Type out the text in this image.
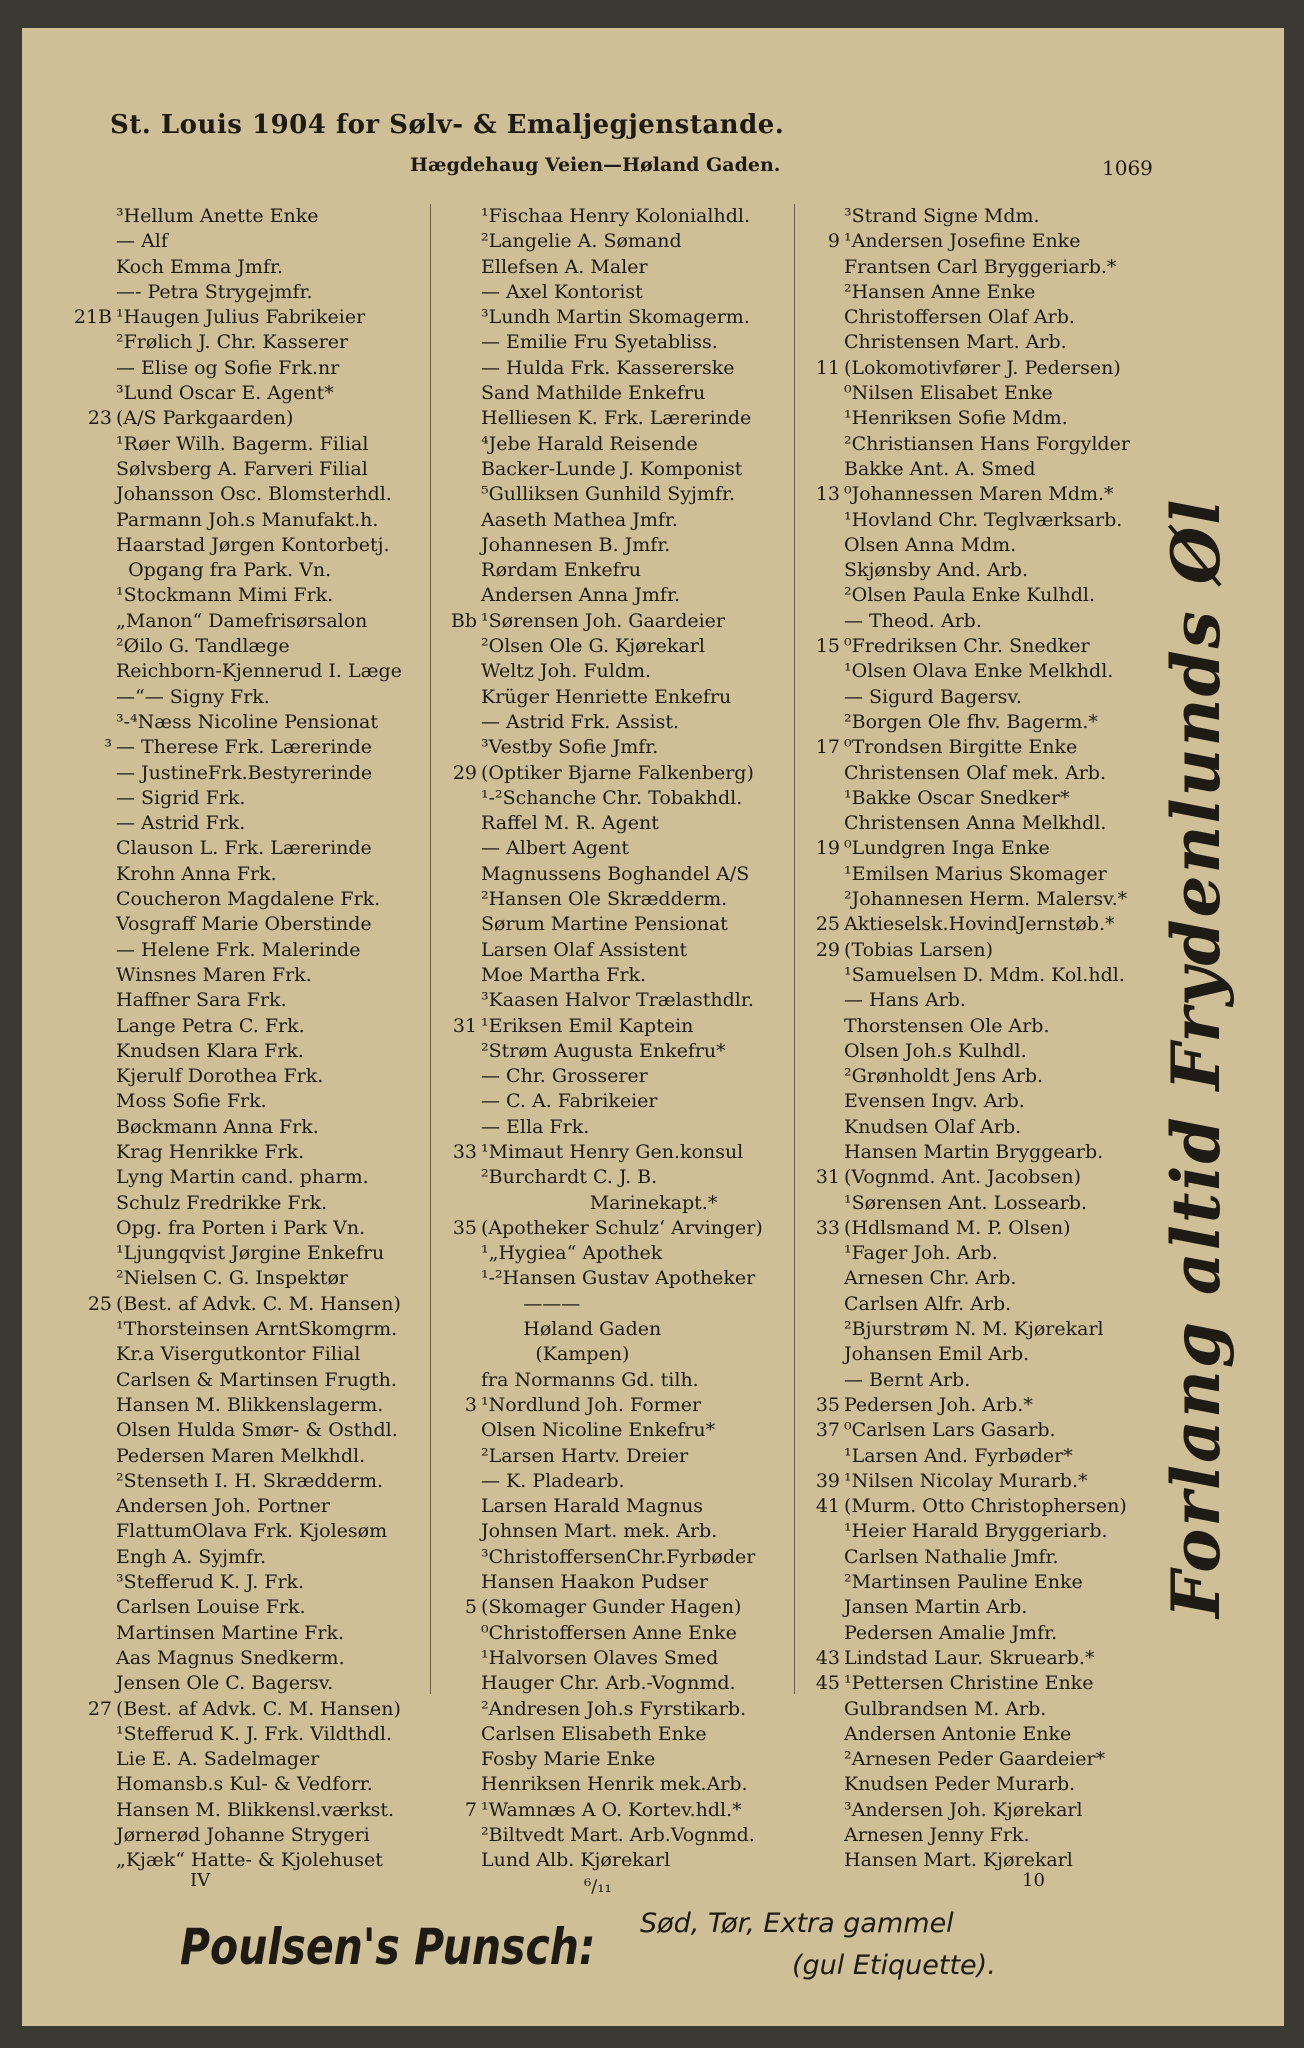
St. Louis 1904 for Sølv- & Emaljegjenstande.
Hægdehaug Veien—Høland Gaden.	1069
³Hellum Anette Enke
— Alf
Koch Emma Jmfr.
—- Petra Strygejmfr.
21B ¹Haugen Julius Fabrikeier
²Frølich J. Chr. Kasserer
— Elise og Sofie Frk.nr
³Lund Oscar E. Agent*
23 (A/S Parkgaarden)
¹Røer Wilh. Bagerm. Filial
Sølvsberg A. Farveri Filial
Johansson Osc. Blomsterhdl.
Parmann Joh.s Manufakt.h.
Haarstad Jørgen Kontorbetj.
Opgang fra Park. Vn.
¹Stockmann Mimi Frk.
„Manon“ Damefrisørsalon
²Øilo G. Tandlæge
Reichborn-Kjennerud I. Læge
—“— Signy Frk.
³-⁴Næss Nicoline Pensionat
³ — Therese Frk. Lærerinde
— JustineFrk.Bestyrerinde
— Sigrid Frk.
— Astrid Frk.
Clauson L. Frk. Lærerinde
Krohn Anna Frk.
Coucheron Magdalene Frk.
Vosgraff Marie Oberstinde
— Helene Frk. Malerinde
Winsnes Maren Frk.
Haffner Sara Frk.
Lange Petra C. Frk.
Knudsen Klara Frk.
Kjerulf Dorothea Frk.
Moss Sofie Frk.
Bøckmann Anna Frk.
Krag Henrikke Frk.
Lyng Martin cand. pharm.
Schulz Fredrikke Frk.
Opg. fra Porten i Park Vn.
¹Ljungqvist Jørgine Enkefru
²Nielsen C. G. Inspektør
25 (Best. af Advk. C. M. Hansen)
¹Thorsteinsen ArntSkomgrm.
Kr.a Visergutkontor Filial
Carlsen & Martinsen Frugth.
Hansen M. Blikkenslagerm.
Olsen Hulda Smør- & Osthdl.
Pedersen Maren Melkhdl.
²Stenseth I. H. Skrædderm.
Andersen Joh. Portner
FlattumOlava Frk. Kjolesøm
Engh A. Syjmfr.
³Stefferud K. J. Frk.
Carlsen Louise Frk.
Martinsen Martine Frk.
Aas Magnus Snedkerm.
Jensen Ole C. Bagersv.
27 (Best. af Advk. C. M. Hansen)
¹Stefferud K. J. Frk. Vildthdl.
Lie E. A. Sadelmager
Homansb.s Kul- & Vedforr.
Hansen M. Blikkensl.værkst.
Jørnerød Johanne Strygeri
„Kjæk“ Hatte- & Kjolehuset
¹Fischaa Henry Kolonialhdl.
²Langelie A. Sømand
Ellefsen A. Maler
— Axel Kontorist
³Lundh Martin Skomagerm.
— Emilie Fru Syetabliss.
— Hulda Frk. Kassererske
Sand Mathilde Enkefru
Helliesen K. Frk. Lærerinde
⁴Jebe Harald Reisende
Backer-Lunde J. Komponist
⁵Gulliksen Gunhild Syjmfr.
Aaseth Mathea Jmfr.
Johannesen B. Jmfr.
Rørdam Enkefru
Andersen Anna Jmfr.
Bb ¹Sørensen Joh. Gaardeier
²Olsen Ole G. Kjørekarl
Weltz Joh. Fuldm.
Krüger Henriette Enkefru
— Astrid Frk. Assist.
³Vestby Sofie Jmfr.
29 (Optiker Bjarne Falkenberg)
¹-²Schanche Chr. Tobakhdl.
Raffel M. R. Agent
— Albert Agent
Magnussens Boghandel A/S
²Hansen Ole Skrædderm.
Sørum Martine Pensionat
Larsen Olaf Assistent
Moe Martha Frk.
³Kaasen Halvor Trælasthdlr.
31 ¹Eriksen Emil Kaptein
²Strøm Augusta Enkefru*
— Chr. Grosserer
— C. A. Fabrikeier
— Ella Frk.
33 ¹Mimaut Henry Gen.konsul
²Burchardt C. J. B.
Marinekapt.*
35 (Apotheker Schulz‘ Arvinger)
¹„Hygiea“ Apothek
¹-²Hansen Gustav Apotheker
———
Høland Gaden
(Kampen)
fra Normanns Gd. tilh.
3 ¹Nordlund Joh. Former
Olsen Nicoline Enkefru*
²Larsen Hartv. Dreier
— K. Pladearb.
Larsen Harald Magnus
Johnsen Mart. mek. Arb.
³ChristoffersenChr.Fyrbøder
Hansen Haakon Pudser
5 (Skomager Gunder Hagen)
⁰Christoffersen Anne Enke
¹Halvorsen Olaves Smed
Hauger Chr. Arb.-Vognmd.
²Andresen Joh.s Fyrstikarb.
Carlsen Elisabeth Enke
Fosby Marie Enke
Henriksen Henrik mek.Arb.
7 ¹Wamnæs A O. Kortev.hdl.*
²Biltvedt Mart. Arb.Vognmd.
Lund Alb. Kjørekarl
³Strand Signe Mdm.
9 ¹Andersen Josefine Enke
Frantsen Carl Bryggeriarb.*
²Hansen Anne Enke
Christoffersen Olaf Arb.
Christensen Mart. Arb.
11 (Lokomotivfører J. Pedersen)
⁰Nilsen Elisabet Enke
¹Henriksen Sofie Mdm.
²Christiansen Hans Forgylder
Bakke Ant. A. Smed
13 ⁰Johannessen Maren Mdm.*
¹Hovland Chr. Teglværksarb.
Olsen Anna Mdm.
Skjønsby And. Arb.
²Olsen Paula Enke Kulhdl.
— Theod. Arb.
15 ⁰Fredriksen Chr. Snedker
¹Olsen Olava Enke Melkhdl.
— Sigurd Bagersv.
²Borgen Ole fhv. Bagerm.*
17 ⁰Trondsen Birgitte Enke
Christensen Olaf mek. Arb.
¹Bakke Oscar Snedker*
Christensen Anna Melkhdl.
19 ⁰Lundgren Inga Enke
¹Emilsen Marius Skomager
²Johannesen Herm. Malersv.*
25 Aktieselsk.HovindJernstøb.*
29 (Tobias Larsen)
¹Samuelsen D. Mdm. Kol.hdl.
— Hans Arb.
Thorstensen Ole Arb.
Olsen Joh.s Kulhdl.
²Grønholdt Jens Arb.
Evensen Ingv. Arb.
Knudsen Olaf Arb.
Hansen Martin Bryggearb.
31 (Vognmd. Ant. Jacobsen)
¹Sørensen Ant. Lossearb.
33 (Hdlsmand M. P. Olsen)
¹Fager Joh. Arb.
Arnesen Chr. Arb.
Carlsen Alfr. Arb.
²Bjurstrøm N. M. Kjørekarl
Johansen Emil Arb.
— Bernt Arb.
35 Pedersen Joh. Arb.*
37 ⁰Carlsen Lars Gasarb.
¹Larsen And. Fyrbøder*
39 ¹Nilsen Nicolay Murarb.*
41 (Murm. Otto Christophersen)
¹Heier Harald Bryggeriarb.
Carlsen Nathalie Jmfr.
²Martinsen Pauline Enke
Jansen Martin Arb.
Pedersen Amalie Jmfr.
43 Lindstad Laur. Skruearb.*
45 ¹Pettersen Christine Enke
Gulbrandsen M. Arb.
Andersen Antonie Enke
²Arnesen Peder Gaardeier*
Knudsen Peder Murarb.
³Andersen Joh. Kjørekarl
Arnesen Jenny Frk.
Hansen Mart. Kjørekarl
Forlang altid Frydenlunds Øl
IV	⁶/₁₁	10
Poulsen's Punsch: Sød, Tør, Extra gammel
(gul Etiquette).
